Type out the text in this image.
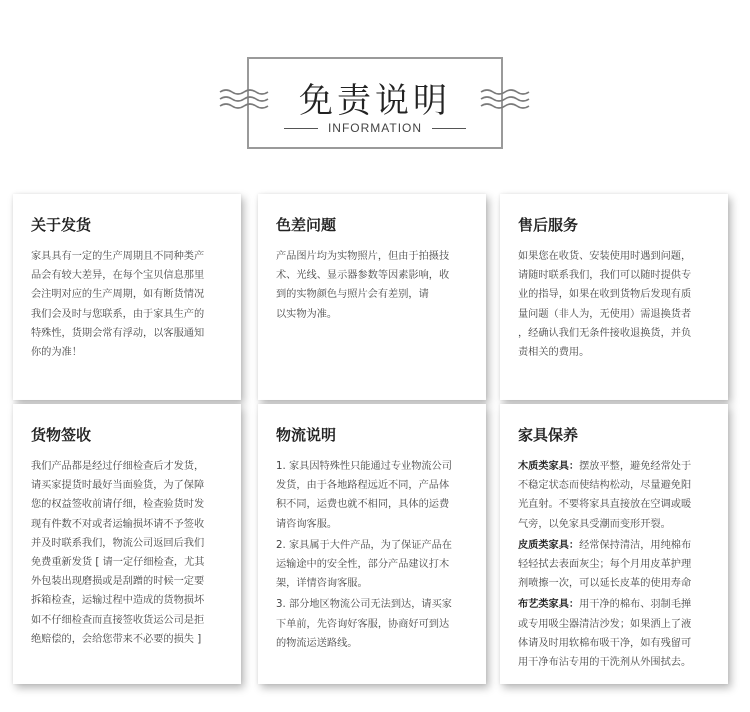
免责说明
INFORMATION
关于发货

家具具有一定的生产周期且不同种类产
品会有较大差异，在每个宝贝信息那里
会注明对应的生产周期，如有断货情况
我们会及时与您联系，由于家具生产的
特殊性，货期会常有浮动，以客服通知
你的为准！

色差问题

产品图片均为实物照片，但由于拍摄技
术、光线、显示器参数等因素影响，收
到的实物颜色与照片会有差别，请
以实物为准。

售后服务

如果您在收货、安装使用时遇到问题，
请随时联系我们，我们可以随时提供专
业的指导，如果在收到货物后发现有质
量问题（非人为，无使用）需退换货者
，经确认我们无条件接收退换货，并负
责相关的费用。

货物签收

我们产品都是经过仔细检查后才发货，
请买家提货时最好当面验货，为了保障
您的权益签收前请仔细，检查验货时发
现有件数不对或者运输损坏请不予签收
并及时联系我们，物流公司返回后我们
免费重新发货 [ 请一定仔细检查，尤其
外包装出现磨损或是刮蹭的时候一定要
拆箱检查，运输过程中造成的货物损坏
如不仔细检查而直接签收货运公司是拒
绝赔偿的，会给您带来不必要的损失 ]

物流说明

1. 家具因特殊性只能通过专业物流公司
发货，由于各地路程远近不同，产品体
积不同，运费也就不相同，具体的运费
请咨询客服。

2. 家具属于大件产品，为了保证产品在
运输途中的安全性，部分产品建议打木
架，详情咨询客服。

3. 部分地区物流公司无法到达，请买家
下单前，先咨询好客服，协商好可到达
的物流运送路线。

家具保养

木质类家具：摆放平整，避免经常处于
不稳定状态而使结构松动，尽量避免阳
光直射。不要将家具直接放在空调或暖
气旁，以免家具受潮而变形开裂。

皮质类家具：经常保持清洁，用纯棉布
轻轻拭去表面灰尘；每个月用皮革护理
剂喷擦一次，可以延长皮革的使用寿命

布艺类家具：用干净的棉布、羽制毛掸
或专用吸尘器清洁沙发；如果洒上了液
体请及时用软棉布吸干净，如有残留可
用干净布沾专用的干洗剂从外围拭去。
